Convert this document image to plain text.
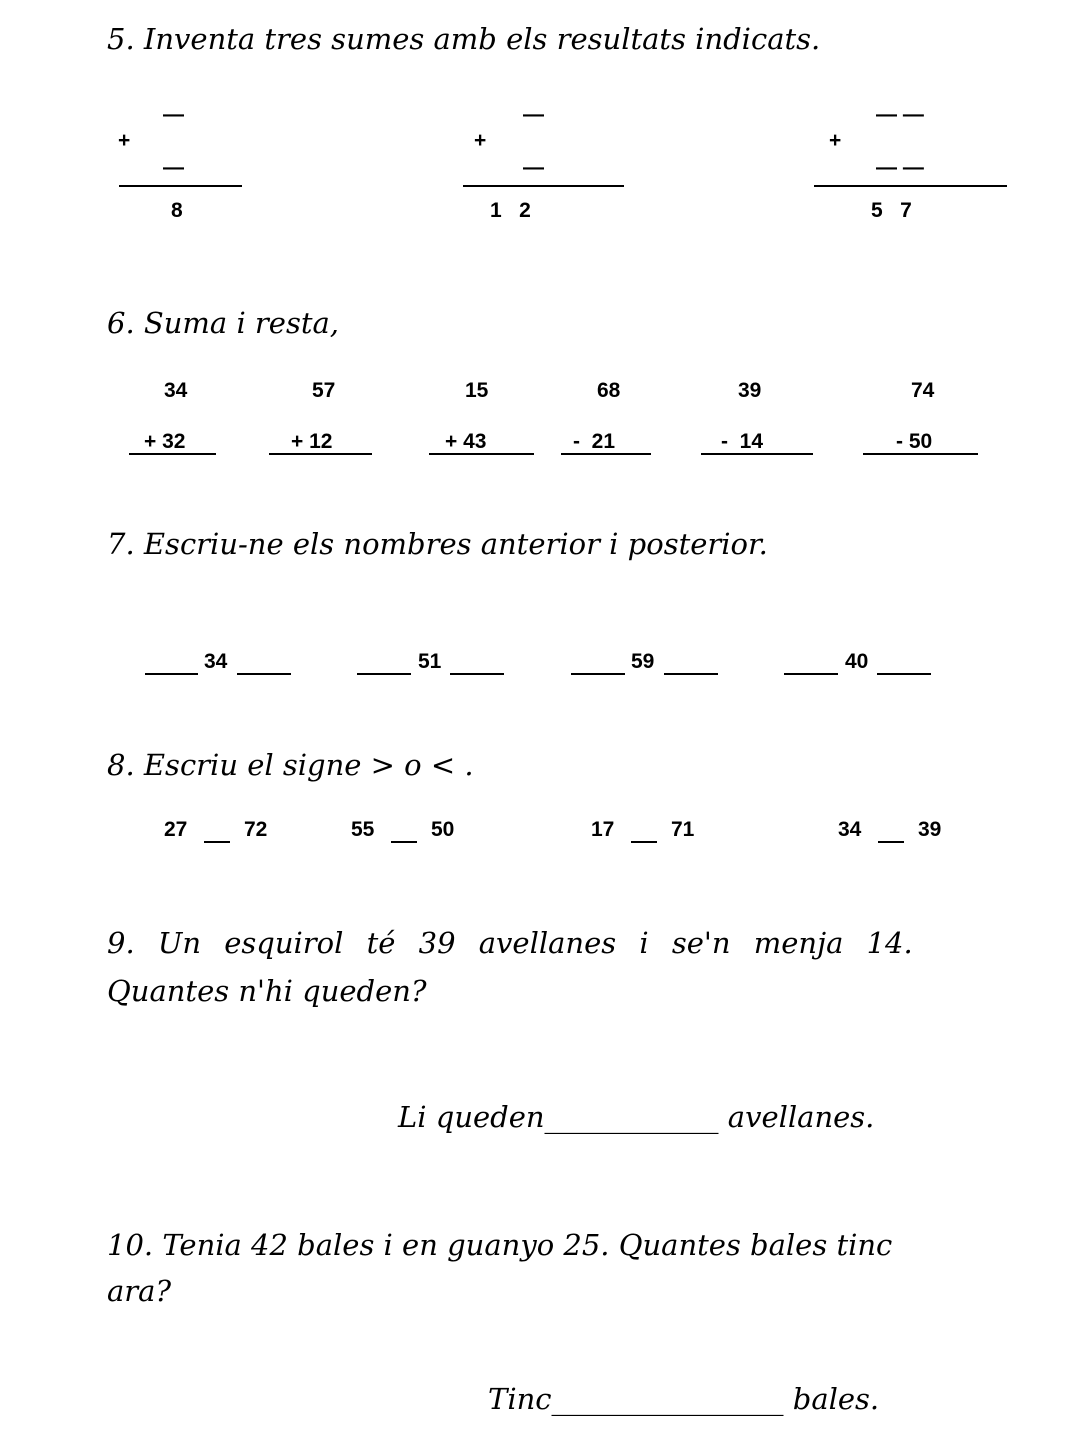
5. Inventa tres sumes amb els resultats indicats.
—
+
—
8
—
+
—
1   2
— —
+
— —
5   7
6. Suma i resta,
34
+ 32
57
+ 12
15
+ 43
68
-  21
39
-  14
74
- 50
7. Escriu-ne els nombres anterior i posterior.
34	51	59	40
8. Escriu el signe > o < .
27	72	55	50	17	71	34	39
9. Un esquirol té 39 avellanes i se'n menja 14.
Quantes n'hi queden?
Li queden____________ avellanes.
10. Tenia 42 bales i en guanyo 25. Quantes bales tinc
ara?
Tinc________________ bales.
